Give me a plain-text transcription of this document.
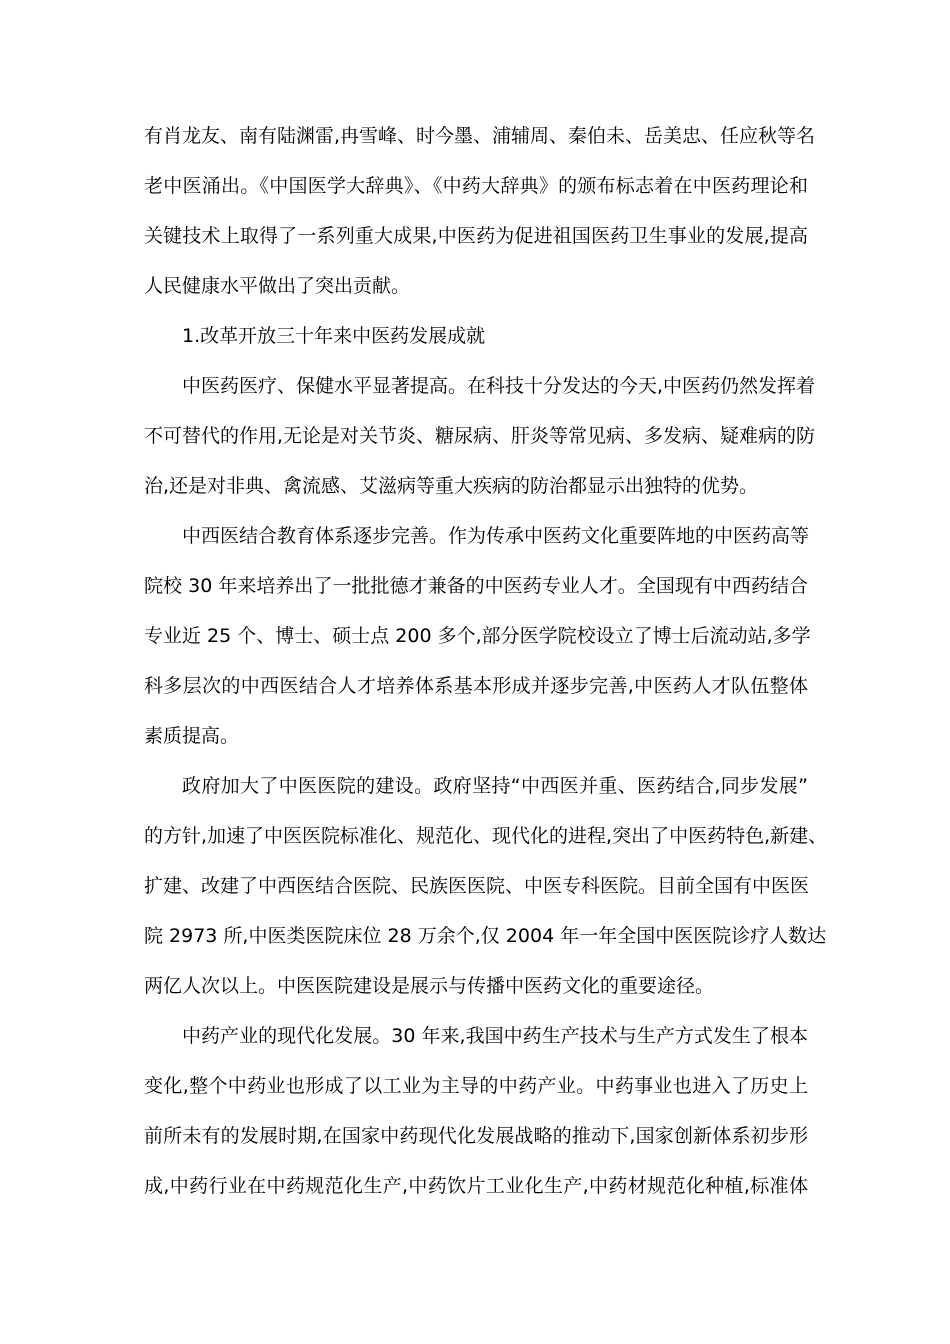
有肖龙友、南有陆渊雷,冉雪峰、时今墨、浦辅周、秦伯未、岳美忠、任应秋等名
老中医涌出。《中国医学大辞典》、《中药大辞典》的颁布标志着在中医药理论和
关键技术上取得了一系列重大成果,中医药为促进祖国医药卫生事业的发展,提高
人民健康水平做出了突出贡献。
1.改革开放三十年来中医药发展成就
中医药医疗、保健水平显著提高。在科技十分发达的今天,中医药仍然发挥着
不可替代的作用,无论是对关节炎、糖尿病、肝炎等常见病、多发病、疑难病的防
治,还是对非典、禽流感、艾滋病等重大疾病的防治都显示出独特的优势。
中西医结合教育体系逐步完善。作为传承中医药文化重要阵地的中医药高等
院校 30 年来培养出了一批批德才兼备的中医药专业人才。全国现有中西药结合
专业近 25 个、博士、硕士点 200 多个,部分医学院校设立了博士后流动站,多学
科多层次的中西医结合人才培养体系基本形成并逐步完善,中医药人才队伍整体
素质提高。
政府加大了中医医院的建设。政府坚持“中西医并重、医药结合,同步发展”
的方针,加速了中医医院标准化、规范化、现代化的进程,突出了中医药特色,新建、
扩建、改建了中西医结合医院、民族医医院、中医专科医院。目前全国有中医医
院 2973 所,中医类医院床位 28 万余个,仅 2004 年一年全国中医医院诊疗人数达
两亿人次以上。中医医院建设是展示与传播中医药文化的重要途径。
中药产业的现代化发展。30 年来,我国中药生产技术与生产方式发生了根本
变化,整个中药业也形成了以工业为主导的中药产业。中药事业也进入了历史上
前所未有的发展时期,在国家中药现代化发展战略的推动下,国家创新体系初步形
成,中药行业在中药规范化生产,中药饮片工业化生产,中药材规范化种植,标准体
